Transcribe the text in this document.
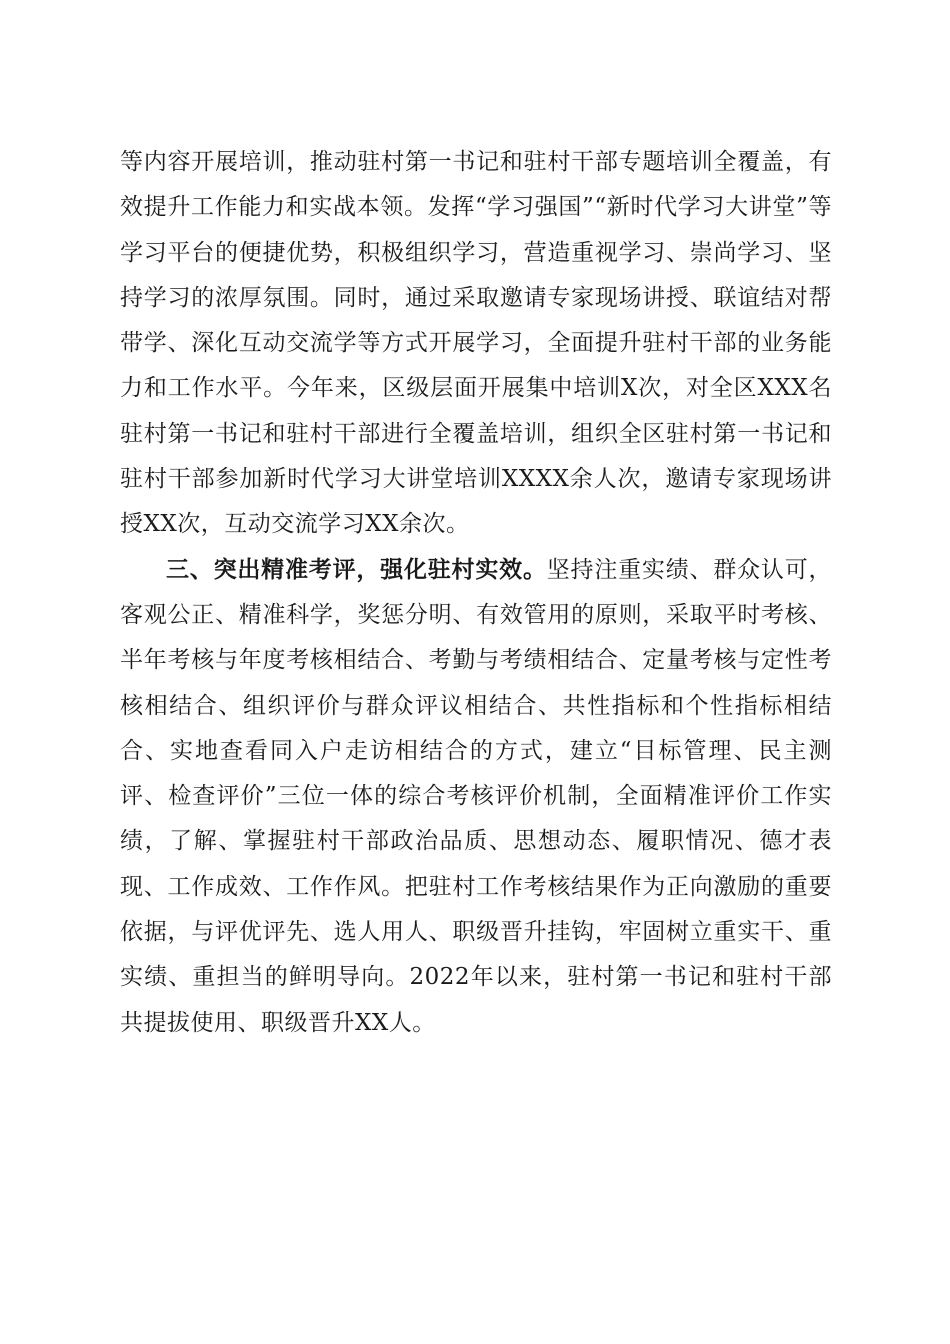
等内容开展培训，推动驻村第一书记和驻村干部专题培训全覆盖，有效提升工作能力和实战本领。发挥“学习强国”“新时代学习大讲堂”等学习平台的便捷优势，积极组织学习，营造重视学习、崇尚学习、坚持学习的浓厚氛围。同时，通过采取邀请专家现场讲授、联谊结对帮带学、深化互动交流学等方式开展学习，全面提升驻村干部的业务能力和工作水平。今年来，区级层面开展集中培训X次，对全区XXX名驻村第一书记和驻村干部进行全覆盖培训，组织全区驻村第一书记和驻村干部参加新时代学习大讲堂培训XXXX余人次，邀请专家现场讲授XX次，互动交流学习XX余次。

三、突出精准考评，强化驻村实效。坚持注重实绩、群众认可，客观公正、精准科学，奖惩分明、有效管用的原则，采取平时考核、半年考核与年度考核相结合、考勤与考绩相结合、定量考核与定性考核相结合、组织评价与群众评议相结合、共性指标和个性指标相结合、实地查看同入户走访相结合的方式，建立“目标管理、民主测评、检查评价”三位一体的综合考核评价机制，全面精准评价工作实绩，了解、掌握驻村干部政治品质、思想动态、履职情况、德才表现、工作成效、工作作风。把驻村工作考核结果作为正向激励的重要依据，与评优评先、选人用人、职级晋升挂钩，牢固树立重实干、重实绩、重担当的鲜明导向。2022年以来，驻村第一书记和驻村干部共提拔使用、职级晋升XX人。
